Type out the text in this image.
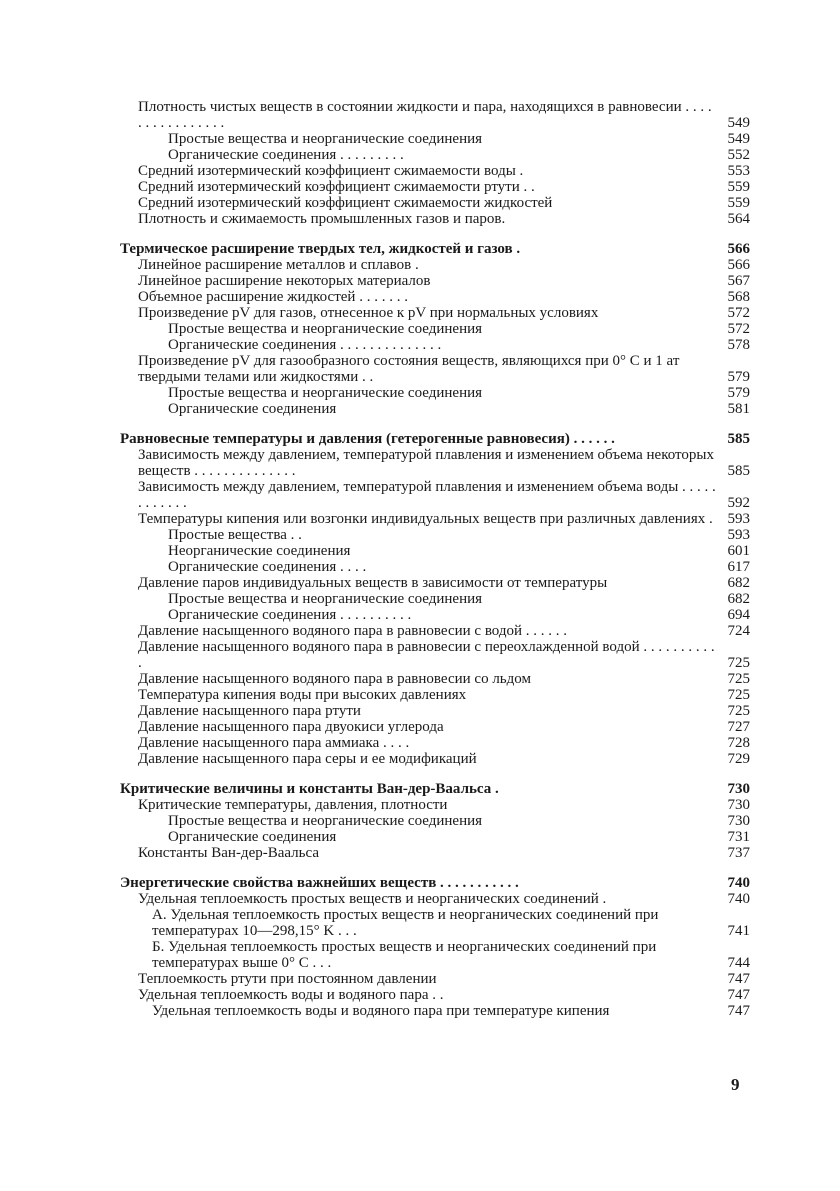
Плотность чистых веществ в состоянии жидкости и пара, находящихся в равновесии . . . . . . . . . . . . . . . .	549
Простые вещества и неорганические соединения	549
Органические соединения . . . . . . . . .	552
Средний изотермический коэффициент сжимаемости воды .	553
Средний изотермический коэффициент сжимаемости ртути . .	559
Средний изотермический коэффициент сжимаемости жидкостей	559
Плотность и сжимаемость промышленных газов и паров.	564
Термическое расширение твердых тел, жидкостей и газов .	566
Линейное расширение металлов и сплавов .	566
Линейное расширение некоторых материалов	567
Объемное расширение жидкостей . . . . . . .	568
Произведение pV для газов, отнесенное к pV при нормальных условиях	572
Простые вещества и неорганические соединения	572
Органические соединения . . . . . . . . . . . . . .	578
Произведение pV для газообразного состояния веществ, являющихся при 0° C и 1 ат твердыми телами или жидкостями . .	579
Простые вещества и неорганические соединения	579
Органические соединения	581
Равновесные температуры и давления (гетерогенные равновесия) . . . . . .	585
Зависимость между давлением, температурой плавления и изменением объема некоторых веществ . . . . . . . . . . . . . .	585
Зависимость между давлением, температурой плавления и изменением объема воды . . . . . . . . . . . .	592
Температуры кипения или возгонки индивидуальных веществ при различных давлениях . 593
Простые вещества . .	593
Неорганические соединения	601
Органические соединения . . . .	617
Давление паров индивидуальных веществ в зависимости от температуры	682
Простые вещества и неорганические соединения	682
Органические соединения . . . . . . . . . .	694
Давление насыщенного водяного пара в равновесии с водой . . . . . .	724
Давление насыщенного водяного пара в равновесии с переохлажденной водой . . . . . . . . . . .	725
Давление насыщенного водяного пара в равновесии со льдом	725
Температура кипения воды при высоких давлениях	725
Давление насыщенного пара ртути	725
Давление насыщенного пара двуокиси углерода	727
Давление насыщенного пара аммиака . . . .	728
Давление насыщенного пара серы и ее модификаций	729
Критические величины и константы Ван-дер-Ваальса .	730
Критические температуры, давления, плотности	730
Простые вещества и неорганические соединения	730
Органические соединения	731
Константы Ван-дер-Ваальса	737
Энергетические свойства важнейших веществ . . . . . . . . . . .	740
Удельная теплоемкость простых веществ и неорганических соединений .	740
А. Удельная теплоемкость простых веществ и неорганических соединений при температурах 10—298,15° K . . .	741
Б. Удельная теплоемкость простых веществ и неорганических соединений при температурах выше 0° C . . .	744
Теплоемкость ртути при постоянном давлении	747
Удельная теплоемкость воды и водяного пара . .	747
Удельная теплоемкость воды и водяного пара при температуре кипения	747
9
